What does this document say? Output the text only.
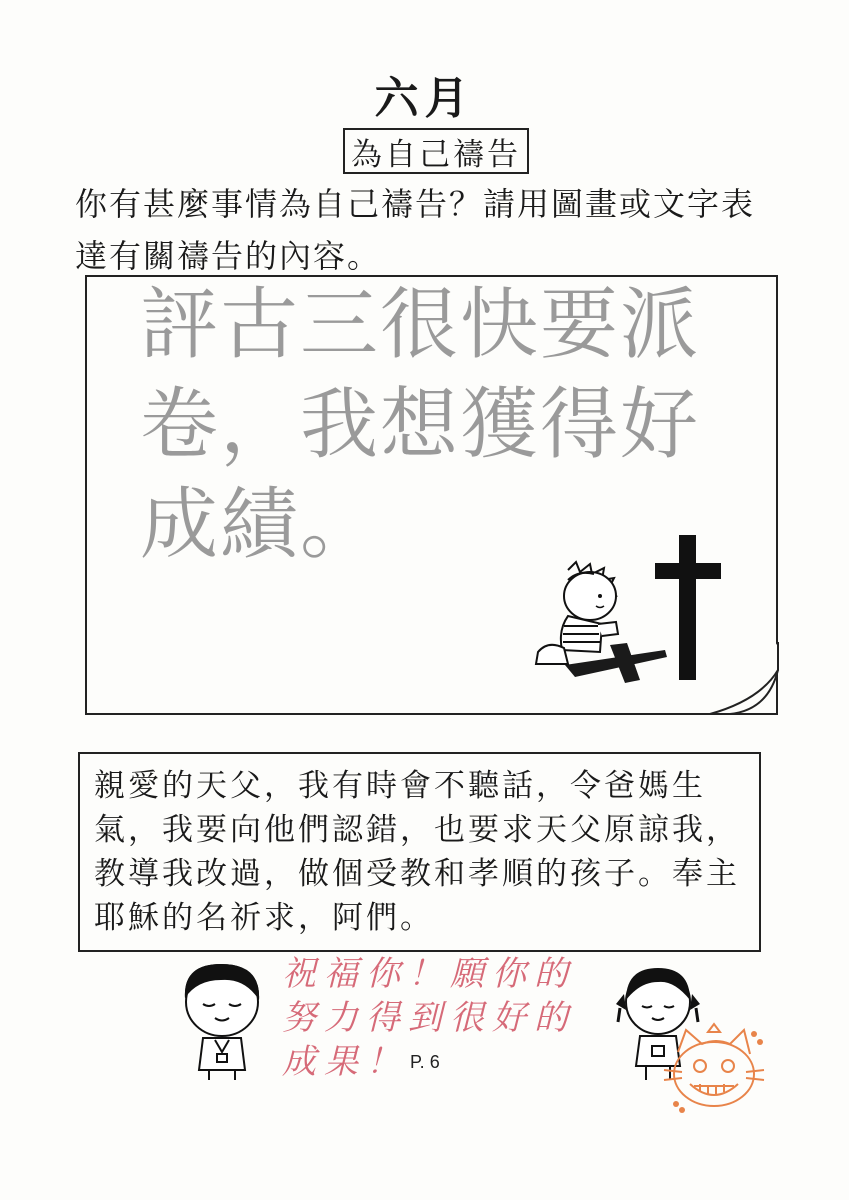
六月
為自己禱告
你有甚麼事情為自己禱告？請用圖畫或文字表達有關禱告的內容。
評古三很快要派卷，我想獲得好成績。
親愛的天父，我有時會不聽話，令爸媽生氣，我要向他們認錯，也要求天父原諒我，教導我改過，做個受教和孝順的孩子。奉主耶穌的名祈求，阿們。
祝福你！願你的努力得到很好的成果！ P. 6
